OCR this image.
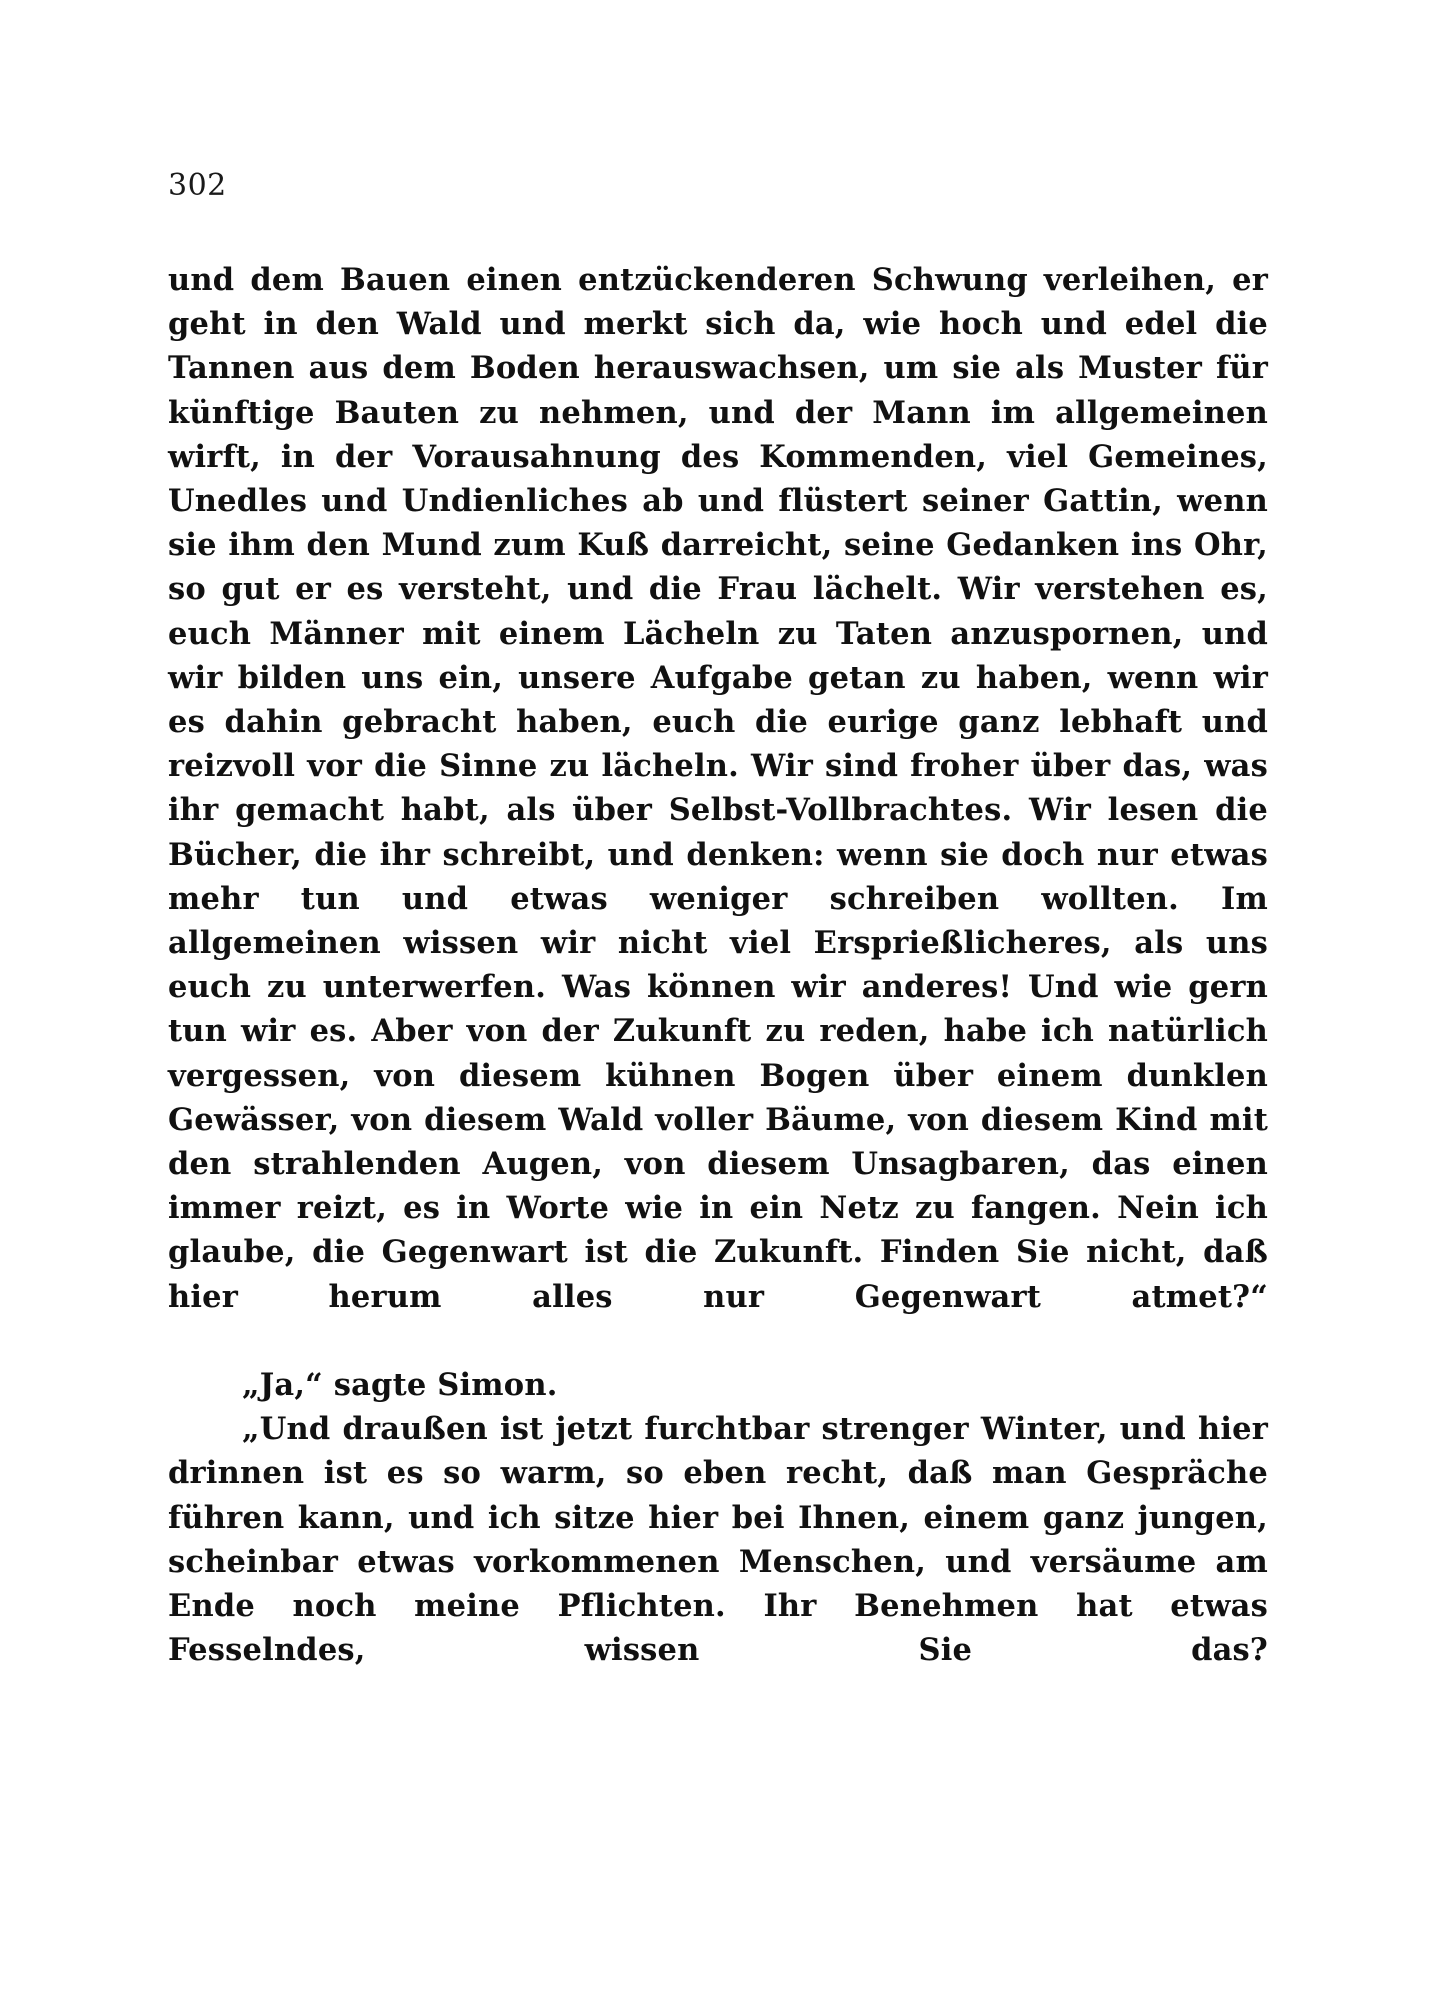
302

und dem Bauen einen entzückenderen Schwung verleihen, er geht in den Wald und merkt sich da, wie hoch und edel die Tannen aus dem Boden herauswachsen, um sie als Muster für künftige Bauten zu nehmen, und der Mann im allgemeinen wirft, in der Vorausahnung des Kommenden, viel Gemeines, Unedles und Undienliches ab und flüstert seiner Gattin, wenn sie ihm den Mund zum Kuß darreicht, seine Gedanken ins Ohr, so gut er es versteht, und die Frau lächelt. Wir verstehen es, euch Männer mit einem Lächeln zu Taten anzuspornen, und wir bilden uns ein, unsere Aufgabe getan zu haben, wenn wir es dahin gebracht haben, euch die eurige ganz lebhaft und reizvoll vor die Sinne zu lächeln. Wir sind froher über das, was ihr gemacht habt, als über Selbst-Vollbrachtes. Wir lesen die Bücher, die ihr schreibt, und denken: wenn sie doch nur etwas mehr tun und etwas weniger schreiben wollten. Im allgemeinen wissen wir nicht viel Ersprießlicheres, als uns euch zu unterwerfen. Was können wir anderes! Und wie gern tun wir es. Aber von der Zukunft zu reden, habe ich natürlich vergessen, von diesem kühnen Bogen über einem dunklen Gewässer, von diesem Wald voller Bäume, von diesem Kind mit den strahlenden Augen, von diesem Unsagbaren, das einen immer reizt, es in Worte wie in ein Netz zu fangen. Nein ich glaube, die Gegenwart ist die Zukunft. Finden Sie nicht, daß hier herum alles nur Gegenwart atmet?“

„Ja,“ sagte Simon.

„Und draußen ist jetzt furchtbar strenger Winter, und hier drinnen ist es so warm, so eben recht, daß man Gespräche führen kann, und ich sitze hier bei Ihnen, einem ganz jungen, scheinbar etwas vorkommenen Menschen, und versäume am Ende noch meine Pflichten. Ihr Benehmen hat etwas Fesselndes, wissen Sie das?
